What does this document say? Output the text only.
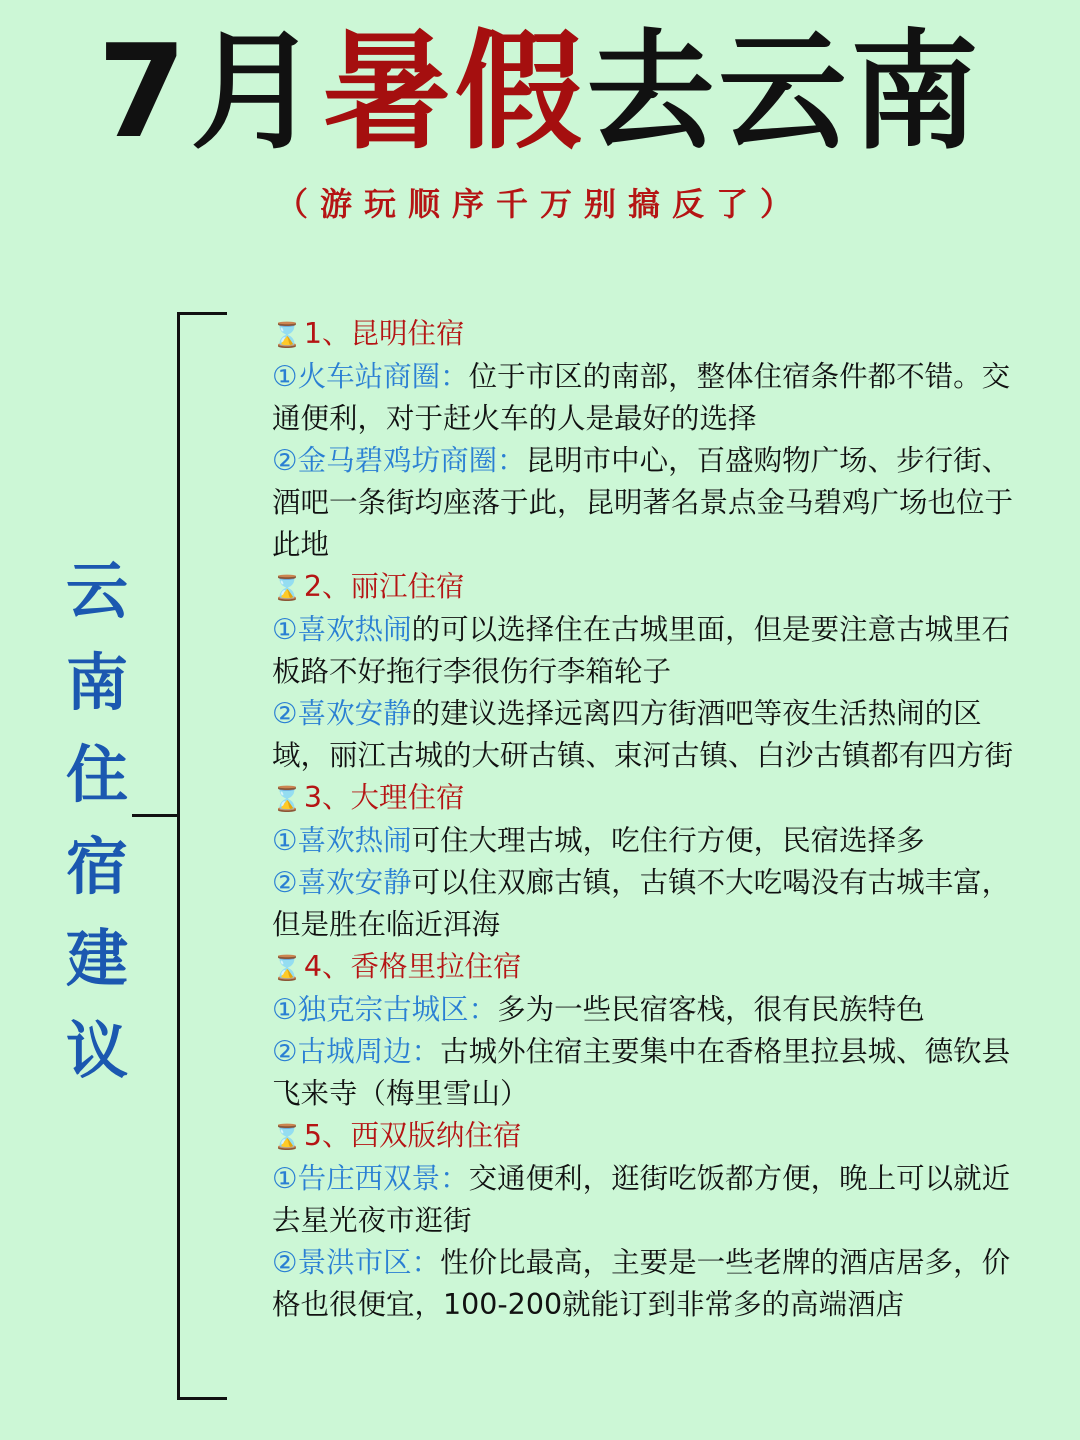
7月暑假去云南
（游玩顺序千万别搞反了）
云
南
住
宿
建
议

⌛1、昆明住宿

①火车站商圈：位于市区的南部，整体住宿条件都不错。交通便利，对于赶火车的人是最好的选择

②金马碧鸡坊商圈：昆明市中心，百盛购物广场、步行街、酒吧一条街均座落于此，昆明著名景点金马碧鸡广场也位于此地

⌛2、丽江住宿

①喜欢热闹的可以选择住在古城里面，但是要注意古城里石板路不好拖行李很伤行李箱轮子

②喜欢安静的建议选择远离四方街酒吧等夜生活热闹的区域，丽江古城的大研古镇、束河古镇、白沙古镇都有四方街

⌛3、大理住宿

①喜欢热闹可住大理古城，吃住行方便，民宿选择多

②喜欢安静可以住双廊古镇，古镇不大吃喝没有古城丰富，但是胜在临近洱海

⌛4、香格里拉住宿

①独克宗古城区：多为一些民宿客栈，很有民族特色

②古城周边：古城外住宿主要集中在香格里拉县城、德钦县飞来寺（梅里雪山）

⌛5、西双版纳住宿

①告庄西双景：交通便利，逛街吃饭都方便，晚上可以就近去星光夜市逛街

②景洪市区：性价比最高，主要是一些老牌的酒店居多，价格也很便宜，100-200就能订到非常多的高端酒店
